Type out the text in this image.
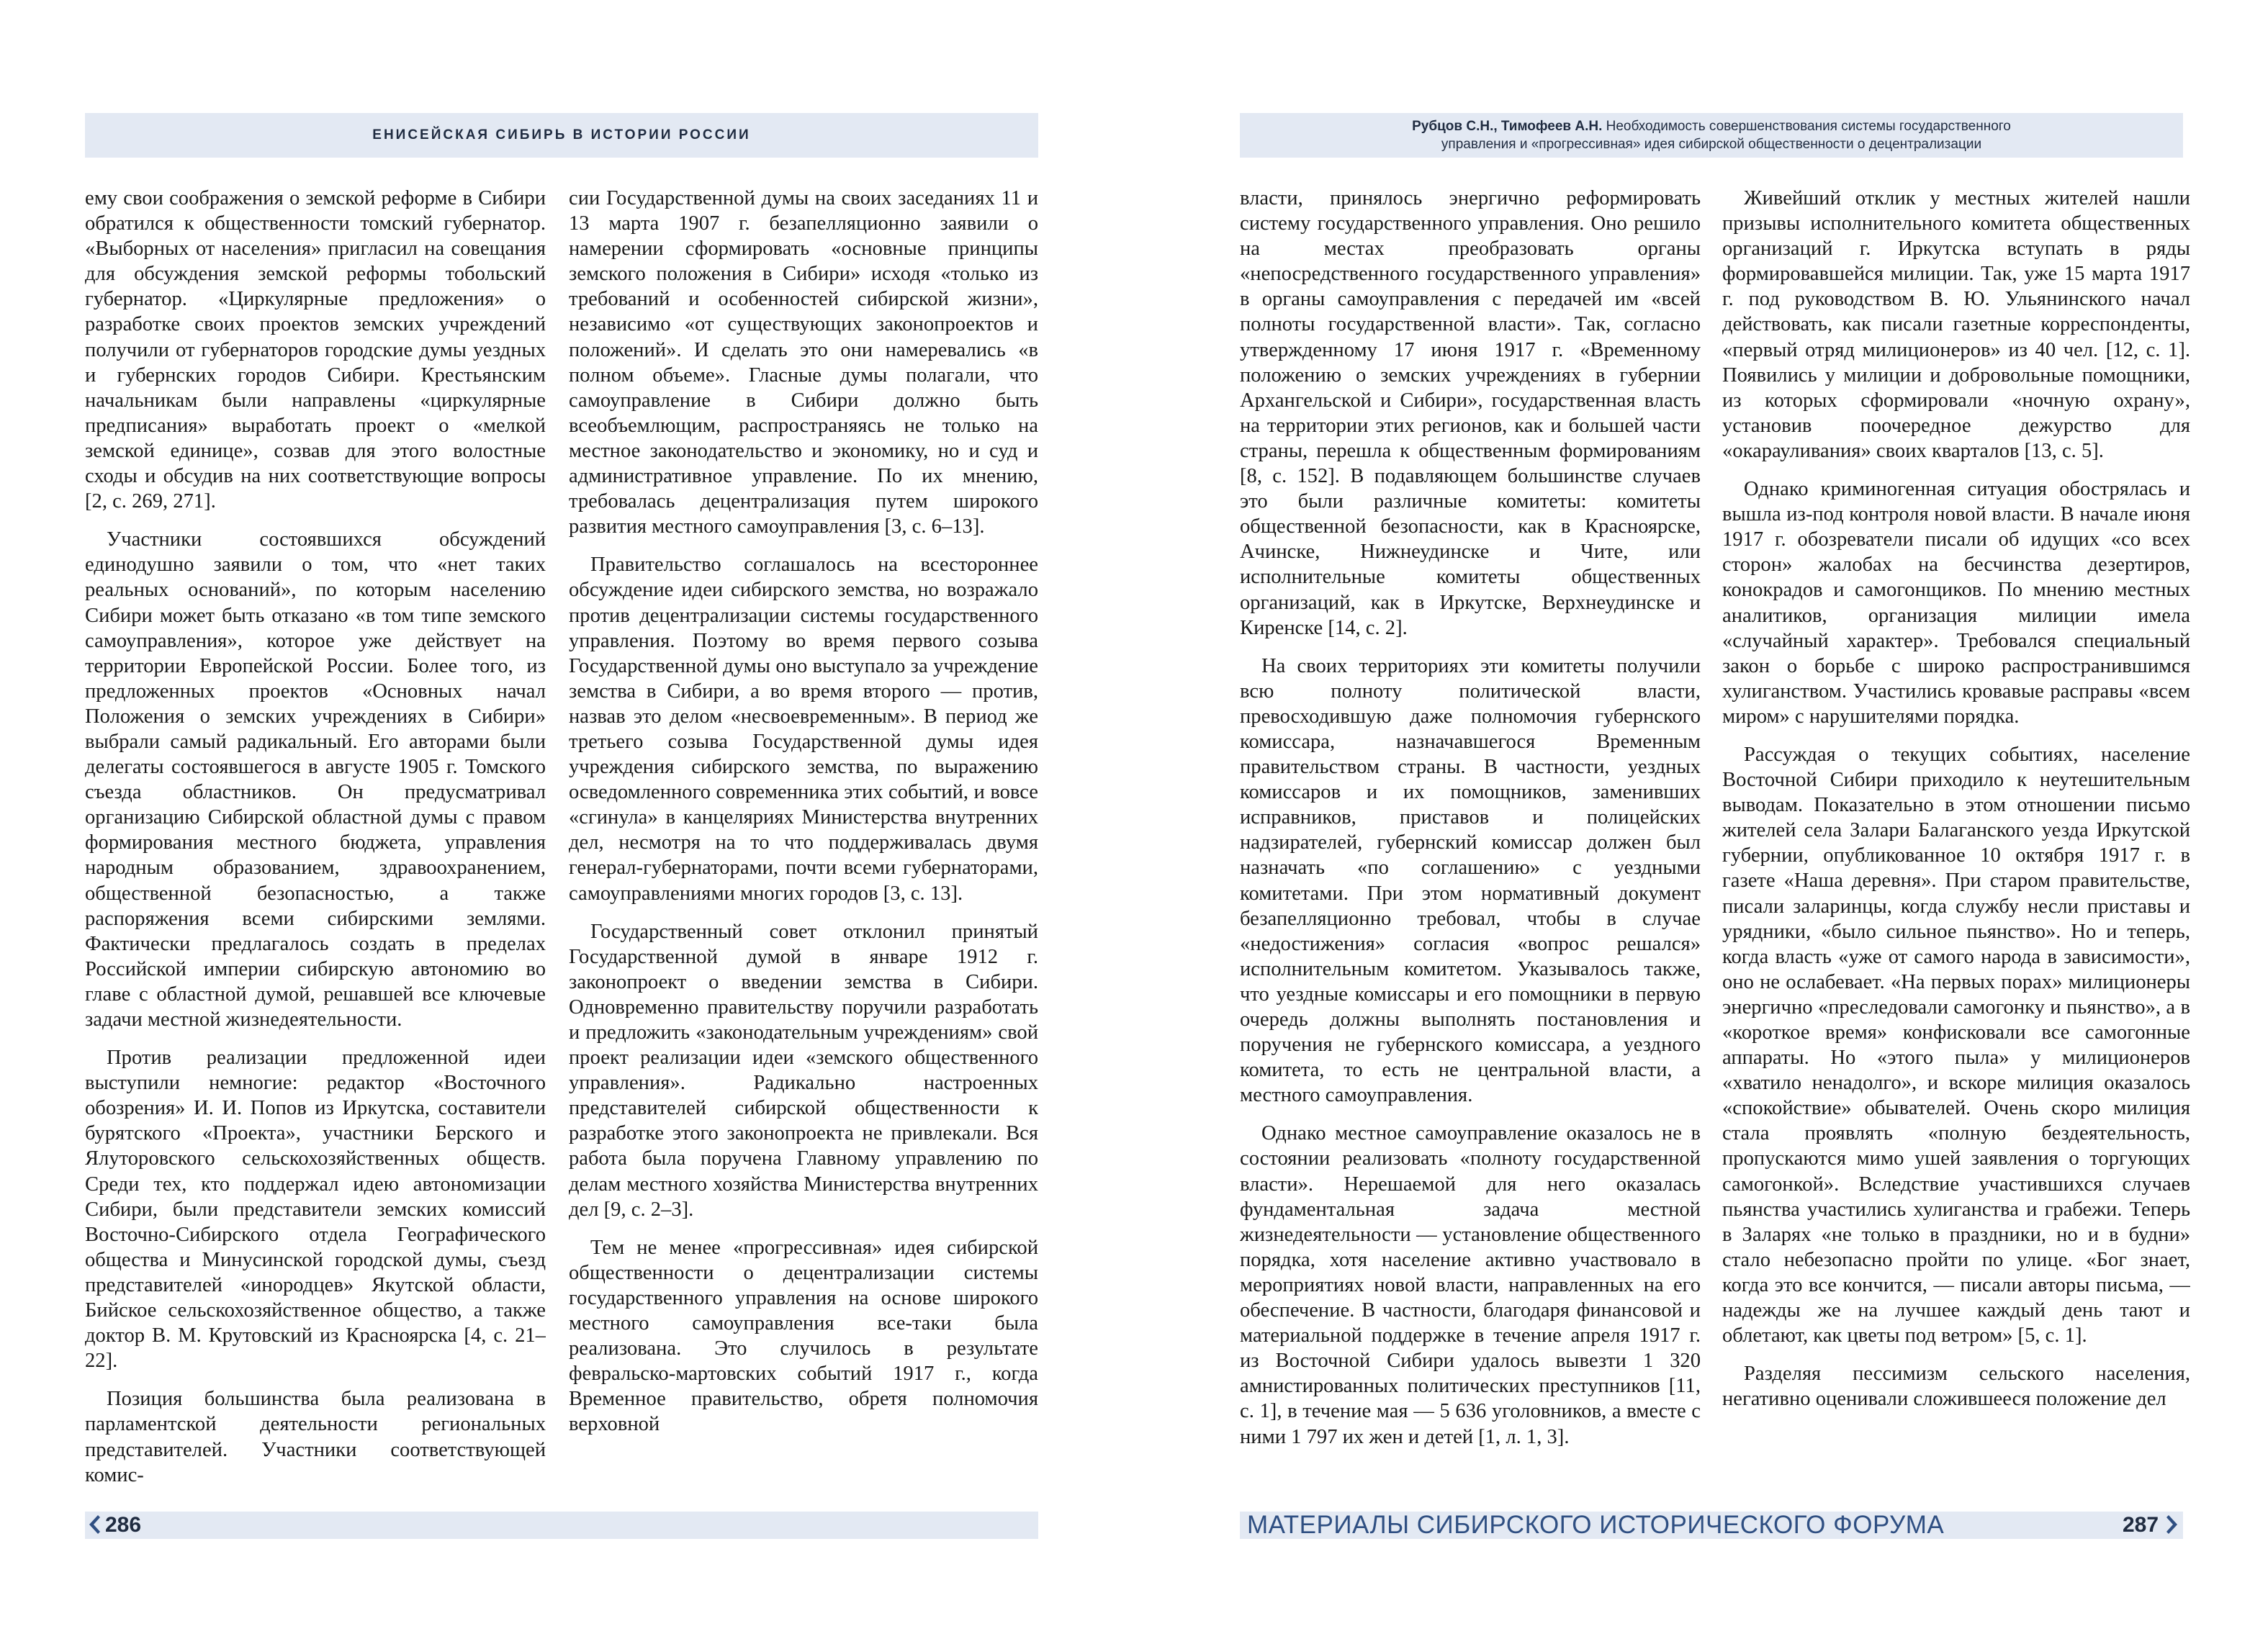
ЕНИСЕЙСКАЯ СИБИРЬ В ИСТОРИИ РОССИИ
Рубцов С.Н., Тимофеев А.Н. Необходимость совершенствования системы государственного
управления и «прогрессивная» идея сибирской общественности о децентрализации

ему свои соображения о земской реформе в Сибири обратился к общественности томский губернатор. «Выборных от населения» пригласил на совещания для обсуждения земской реформы тобольский губернатор. «Циркулярные предложения» о разработке своих проектов земских учреждений получили от губернаторов городские думы уездных и губернских городов Сибири. Крестьянским начальникам были направлены «циркулярные предписания» выработать проект о «мелкой земской единице», созвав для этого волостные сходы и обсудив на них соответствующие вопросы [2, с. 269, 271].

Участники состоявшихся обсуждений единодушно заявили о том, что «нет таких реальных оснований», по которым населению Сибири может быть отказано «в том типе земского самоуправления», которое уже действует на территории Европейской России. Более того, из предложенных проектов «Основных начал Положения о земских учреждениях в Сибири» выбрали самый радикальный. Его авторами были делегаты состоявшегося в августе 1905 г. Томского съезда областников. Он предусматривал организацию Сибирской областной думы с правом формирования местного бюджета, управления народным образованием, здравоохранением, общественной безопасностью, а также распоряжения всеми сибирскими землями. Фактически предлагалось создать в пределах Российской империи сибирскую автономию во главе с областной думой, решавшей все ключевые задачи местной жизнедеятельности.

Против реализации предложенной идеи выступили немногие: редактор «Восточного обозрения» И. И. Попов из Иркутска, составители бурятского «Проекта», участники Берского и Ялуторовского сельскохозяйственных обществ. Среди тех, кто поддержал идею автономизации Сибири, были представители земских комиссий Восточно-Сибирского отдела Географического общества и Минусинской городской думы, съезд представителей «инородцев» Якутской области, Бийское сельскохозяйственное общество, а также доктор В. М. Крутовский из Красноярска [4, с. 21–22].

Позиция большинства была реализована в парламентской деятельности региональных представителей. Участники соответствующей комис-

сии Государственной думы на своих заседаниях 11 и 13 марта 1907 г. безапелляционно заявили о намерении сформировать «основные принципы земского положения в Сибири» исходя «только из требований и особенностей сибирской жизни», независимо «от существующих законопроектов и положений». И сделать это они намеревались «в полном объеме». Гласные думы полагали, что самоуправление в Сибири должно быть всеобъемлющим, распространяясь не только на местное законодательство и экономику, но и суд и административное управление. По их мнению, требовалась децентрализация путем широкого развития местного самоуправления [3, с. 6–13].

Правительство соглашалось на всестороннее обсуждение идеи сибирского земства, но возражало против децентрализации системы государственного управления. Поэтому во время первого созыва Государственной думы оно выступало за учреждение земства в Сибири, а во время второго — против, назвав это делом «несвоевременным». В период же третьего созыва Государственной думы идея учреждения сибирского земства, по выражению осведомленного современника этих событий, и вовсе «сгинула» в канцеляриях Министерства внутренних дел, несмотря на то что поддерживалась двумя генерал-губернаторами, почти всеми губернаторами, самоуправлениями многих городов [3, с. 13].

Государственный совет отклонил принятый Государственной думой в январе 1912 г. законопроект о введении земства в Сибири. Одновременно правительству поручили разработать и предложить «законодательным учреждениям» свой проект реализации идеи «земского общественного управления». Радикально настроенных представителей сибирской общественности к разработке этого законопроекта не привлекали. Вся работа была поручена Главному управлению по делам местного хозяйства Министерства внутренних дел [9, с. 2–3].

Тем не менее «прогрессивная» идея сибирской общественности о децентрализации системы государственного управления на основе широкого местного самоуправления все-таки была реализована. Это случилось в результате февральско-мартовских событий 1917 г., когда Временное правительство, обретя полномочия верховной

власти, принялось энергично реформировать систему государственного управления. Оно решило на местах преобразовать органы «непосредственного государственного управления» в органы самоуправления с передачей им «всей полноты государственной власти». Так, согласно утвержденному 17 июня 1917 г. «Временному положению о земских учреждениях в губернии Архангельской и Сибири», государственная власть на территории этих регионов, как и большей части страны, перешла к общественным формированиям [8, с. 152]. В подавляющем большинстве случаев это были различные комитеты: комитеты общественной безопасности, как в Красноярске, Ачинске, Нижнеудинске и Чите, или исполнительные комитеты общественных организаций, как в Иркутске, Верхнеудинске и Киренске [14, с. 2].

На своих территориях эти комитеты получили всю полноту политической власти, превосходившую даже полномочия губернского комиссара, назначавшегося Временным правительством страны. В частности, уездных комиссаров и их помощников, заменивших исправников, приставов и полицейских надзирателей, губернский комиссар должен был назначать «по соглашению» с уездными комитетами. При этом нормативный документ безапелляционно требовал, чтобы в случае «недостижения» согласия «вопрос решался» исполнительным комитетом. Указывалось также, что уездные комиссары и его помощники в первую очередь должны выполнять постановления и поручения не губернского комиссара, а уездного комитета, то есть не центральной власти, а местного самоуправления.

Однако местное самоуправление оказалось не в состоянии реализовать «полноту государственной власти». Нерешаемой для него оказалась фундаментальная задача местной жизнедеятельности — установление общественного порядка, хотя население активно участвовало в мероприятиях новой власти, направленных на его обеспечение. В частности, благодаря финансовой и материальной поддержке в течение апреля 1917 г. из Восточной Сибири удалось вывезти 1 320 амнистированных политических преступников [11, с. 1], в течение мая — 5 636 уголовников, а вместе с ними 1 797 их жен и детей [1, л. 1, 3].

Живейший отклик у местных жителей нашли призывы исполнительного комитета общественных организаций г. Иркутска вступать в ряды формировавшейся милиции. Так, уже 15 марта 1917 г. под руководством В. Ю. Ульянинского начал действовать, как писали газетные корреспонденты, «первый отряд милиционеров» из 40 чел. [12, с. 1]. Появились у милиции и добровольные помощники, из которых сформировали «ночную охрану», установив поочередное дежурство для «окарауливания» своих кварталов [13, с. 5].

Однако криминогенная ситуация обострялась и вышла из-под контроля новой власти. В начале июня 1917 г. обозреватели писали об идущих «со всех сторон» жалобах на бесчинства дезертиров, конокрадов и самогонщиков. По мнению местных аналитиков, организация милиции имела «случайный характер». Требовался специальный закон о борьбе с широко распространившимся хулиганством. Участились кровавые расправы «всем миром» с нарушителями порядка.

Рассуждая о текущих событиях, население Восточной Сибири приходило к неутешительным выводам. Показательно в этом отношении письмо жителей села Залари Балаганского уезда Иркутской губернии, опубликованное 10 октября 1917 г. в газете «Наша деревня». При старом правительстве, писали заларинцы, когда службу несли приставы и урядники, «было сильное пьянство». Но и теперь, когда власть «уже от самого народа в зависимости», оно не ослабевает. «На первых порах» милиционеры энергично «преследовали самогонку и пьянство», а в «короткое время» конфисковали все самогонные аппараты. Но «этого пыла» у милиционеров «хватило ненадолго», и вскоре милиция оказалось «спокойствие» обывателей. Очень скоро милиция стала проявлять «полную бездеятельность, пропускаются мимо ушей заявления о торгующих самогонкой». Вследствие участившихся случаев пьянства участились хулиганства и грабежи. Теперь в Заларях «не только в праздники, но и в будни» стало небезопасно пройти по улице. «Бог знает, когда это все кончится, — писали авторы письма, — надежды же на лучшее каждый день тают и облетают, как цветы под ветром» [5, с. 1].

Разделяя пессимизм сельского населения, негативно оценивали сложившееся положение дел

286	МАТЕРИАЛЫ СИБИРСКОГО ИСТОРИЧЕСКОГО ФОРУМА	287
